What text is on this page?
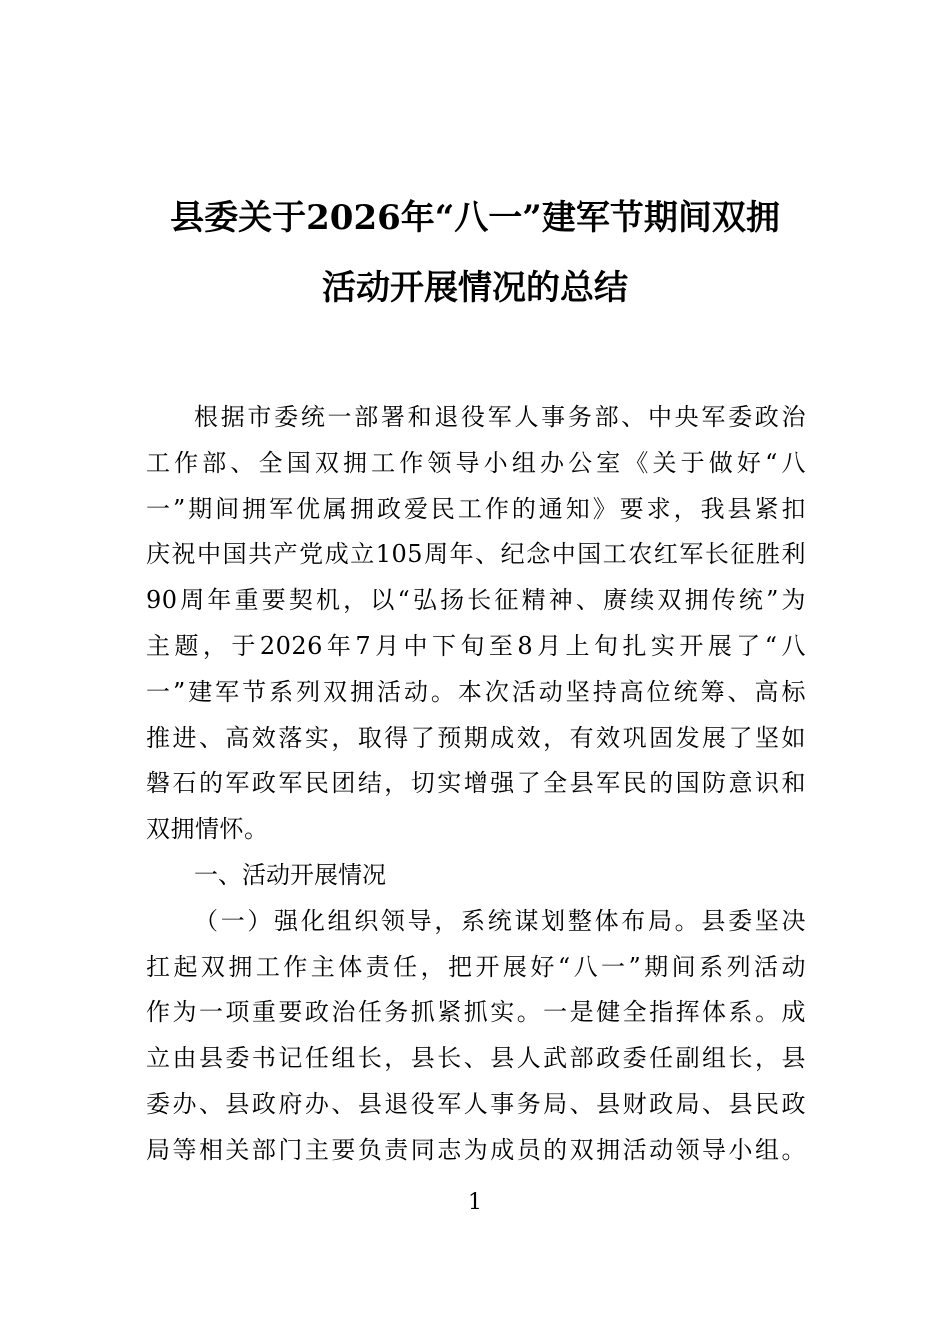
县委关于2026年“八一”建军节期间双拥
活动开展情况的总结
根据市委统一部署和退役军人事务部、中央军委政治
工作部、全国双拥工作领导小组办公室《关于做好“八
一”期间拥军优属拥政爱民工作的通知》要求，我县紧扣
庆祝中国共产党成立105周年、纪念中国工农红军长征胜利
90周年重要契机，以“弘扬长征精神、赓续双拥传统”为
主题，于2026年7月中下旬至8月上旬扎实开展了“八
一”建军节系列双拥活动。本次活动坚持高位统筹、高标
推进、高效落实，取得了预期成效，有效巩固发展了坚如
磐石的军政军民团结，切实增强了全县军民的国防意识和
双拥情怀。
一、活动开展情况
（一）强化组织领导，系统谋划整体布局。县委坚决
扛起双拥工作主体责任，把开展好“八一”期间系列活动
作为一项重要政治任务抓紧抓实。一是健全指挥体系。成
立由县委书记任组长，县长、县人武部政委任副组长，县
委办、县政府办、县退役军人事务局、县财政局、县民政
局等相关部门主要负责同志为成员的双拥活动领导小组。
1
